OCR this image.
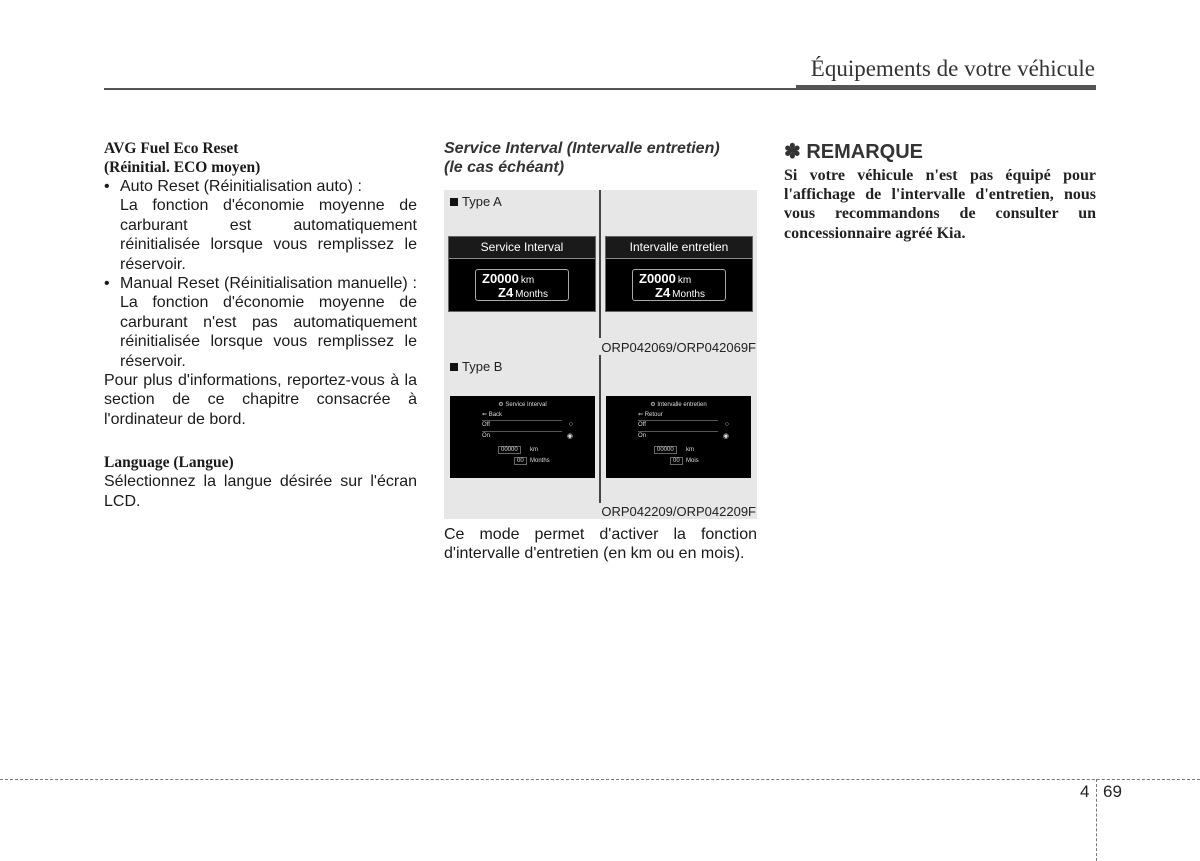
Équipements de votre véhicule
AVG Fuel Eco Reset
(Réinitial. ECO moyen)
• Auto Reset (Réinitialisation auto) :
La fonction d'économie moyenne de carburant est automatiquement réinitialisée lorsque vous remplissez le réservoir.
• Manual Reset (Réinitialisation manuelle) : La fonction d'économie moyenne de carburant n'est pas automatiquement réinitialisée lorsque vous remplissez le réservoir.
Pour plus d'informations, reportez-vous à la section de ce chapitre consacrée à l'ordinateur de bord.
Language (Langue)
Sélectionnez la langue désirée sur l'écran LCD.
Service Interval (Intervalle entretien)
(le cas échéant)
Type A
Service Interval
Z0000 km
Z4 Months
Intervalle entretien
Z0000 km
Z4 Months
ORP042069/ORP042069F
Type B
⚙ Service Interval
⇐ Back
Off	○
On	◉
00000	km
00	Months
⚙ Intervalle entretien
⇐ Retour
Off	○
On	◉
00000	km
00	Mois
ORP042209/ORP042209F
Ce mode permet d'activer la fonction d'intervalle d'entretien (en km ou en mois).
✽ REMARQUE
Si votre véhicule n'est pas équipé pour l'affichage de l'intervalle d'entretien, nous vous recommandons de consulter un concessionnaire agréé Kia.
4 69
